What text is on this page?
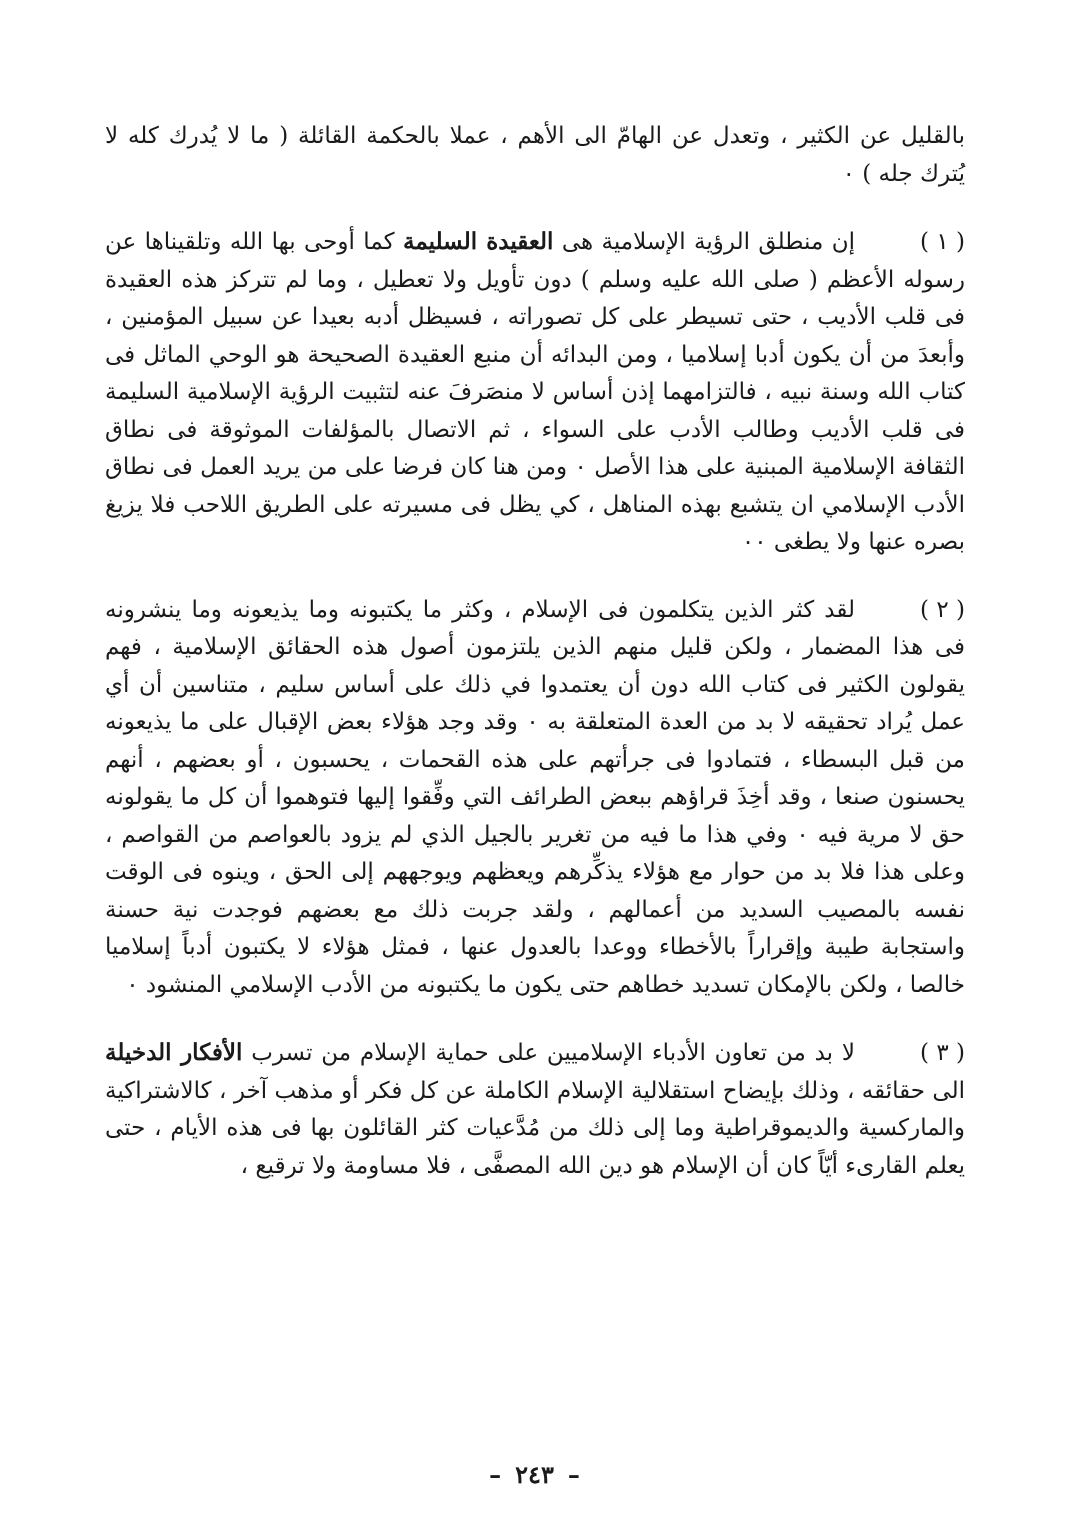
بالقليل عن الكثير ، وتعدل عن الهامّ الى الأهم ، عملا بالحكمة القائلة ( ما لا يُدرك كله لا يُترك جله ) ٠

( ١ )إن منطلق الرؤية الإسلامية هى العقيدة السليمة كما أوحى بها الله وتلقيناها عن رسوله الأعظم ( صلى الله عليه وسلم ) دون تأويل ولا تعطيل ، وما لم تتركز هذه العقيدة فى قلب الأديب ، حتى تسيطر على كل تصوراته ، فسيظل أدبه بعيدا عن سبيل المؤمنين ، وأبعدَ من أن يكون أدبا إسلاميا ، ومن البدائه أن منبع العقيدة الصحيحة هو الوحي الماثل فى كتاب الله وسنة نبيه ، فالتزامهما إذن أساس لا منصَرفَ عنه لتثبيت الرؤية الإسلامية السليمة فى قلب الأديب وطالب الأدب على السواء ، ثم الاتصال بالمؤلفات الموثوقة فى نطاق الثقافة الإسلامية المبنية على هذا الأصل ٠ ومن هنا كان فرضا على من يريد العمل فى نطاق الأدب الإسلامي ان يتشبع بهذه المناهل ، كي يظل فى مسيرته على الطريق اللاحب فلا يزيغ بصره عنها ولا يطغى ٠٠

( ٢ )لقد كثر الذين يتكلمون فى الإسلام ، وكثر ما يكتبونه وما يذيعونه وما ينشرونه فى هذا المضمار ، ولكن قليل منهم الذين يلتزمون أصول هذه الحقائق الإسلامية ، فهم يقولون الكثير فى كتاب الله دون أن يعتمدوا في ذلك على أساس سليم ، متناسين أن أي عمل يُراد تحقيقه لا بد من العدة المتعلقة به ٠ وقد وجد هؤلاء بعض الإقبال على ما يذيعونه من قبل البسطاء ، فتمادوا فى جرأتهم على هذه القحمات ، يحسبون ، أو بعضهم ، أنهم يحسنون صنعا ، وقد أخِذَ قراؤهم ببعض الطرائف التي وفِّقوا إليها فتوهموا أن كل ما يقولونه حق لا مرية فيه ٠ وفي هذا ما فيه من تغرير بالجيل الذي لم يزود بالعواصم من القواصم ، وعلى هذا فلا بد من حوار مع هؤلاء يذكِّرهم ويعظهم ويوجههم إلى الحق ، وينوه فى الوقت نفسه بالمصيب السديد من أعمالهم ، ولقد جربت ذلك مع بعضهم فوجدت نية حسنة واستجابة طيبة وإقراراً بالأخطاء ووعدا بالعدول عنها ، فمثل هؤلاء لا يكتبون أدباً إسلاميا خالصا ، ولكن بالإمكان تسديد خطاهم حتى يكون ما يكتبونه من الأدب الإسلامي المنشود ٠

( ٣ )لا بد من تعاون الأدباء الإسلاميين على حماية الإسلام من تسرب الأفكار الدخيلة الى حقائقه ، وذلك بإيضاح استقلالية الإسلام الكاملة عن كل فكر أو مذهب آخر ، كالاشتراكية والماركسية والديموقراطية وما إلى ذلك من مُدَّعيات كثر القائلون بها فى هذه الأيام ، حتى يعلم القارىء أيّاً كان أن الإسلام هو دين الله المصفَّى ، فلا مساومة ولا ترقيع ،

–٢٤٣–
